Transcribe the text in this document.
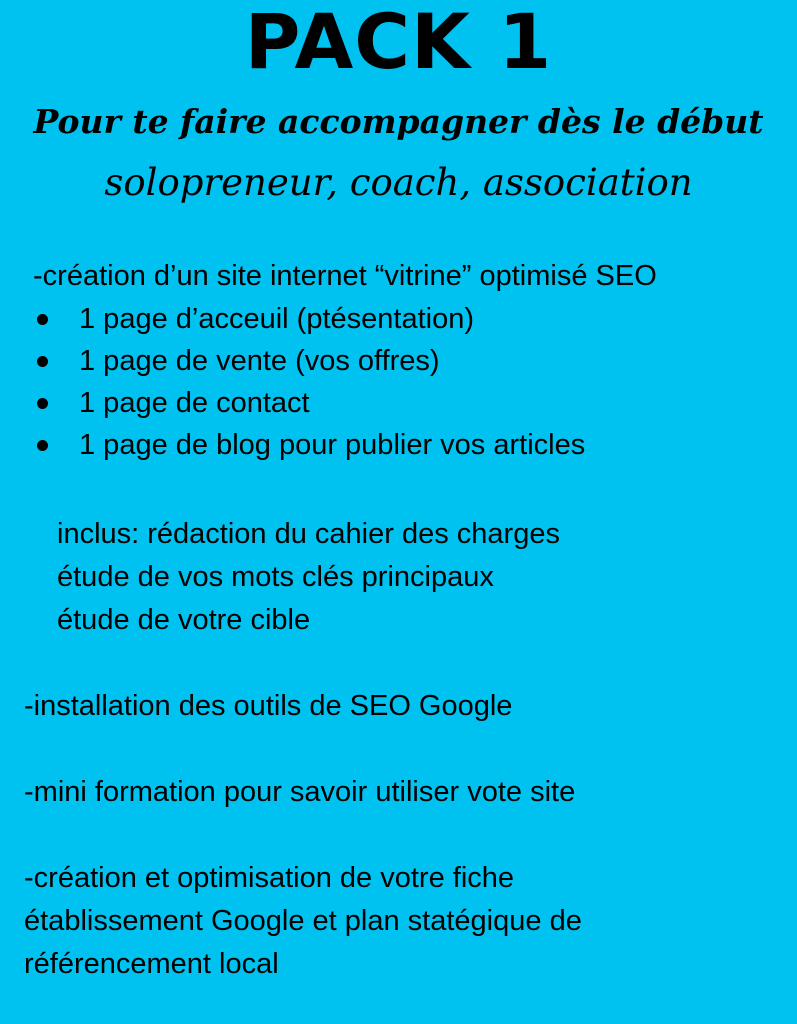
PACK 1
Pour te faire accompagner dès le début
solopreneur, coach, association
-création d’un site internet “vitrine” optimisé SEO
1 page d’acceuil (ptésentation)
1 page de vente (vos offres)
1 page de contact
1 page de blog pour publier vos articles
inclus: rédaction du cahier des charges
étude de vos mots clés principaux
étude de votre cible
-installation des outils de SEO Google
-mini formation pour savoir utiliser vote site
-création et optimisation de votre fiche
établissement Google et plan statégique de
référencement local
